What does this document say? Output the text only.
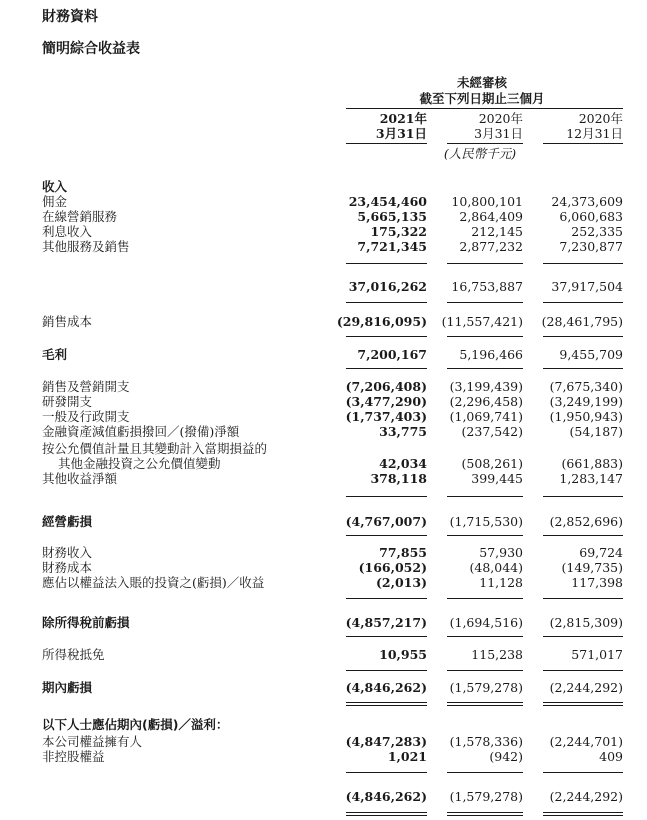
財務資料
簡明綜合收益表
未經審核
截至下列日期止三個月
2021年
3月31日
2020年
3月31日
2020年
12月31日
(人民幣千元)
收入
佣金	23,454,460	10,800,101	24,373,609
在線營銷服務	5,665,135	2,864,409	6,060,683
利息收入	175,322	212,145	252,335
其他服務及銷售	7,721,345	2,877,232	7,230,877
37,016,262	16,753,887	37,917,504
銷售成本	(29,816,095)	(11,557,421)	(28,461,795)
毛利	7,200,167	5,196,466	9,455,709
銷售及營銷開支	(7,206,408)	(3,199,439)	(7,675,340)
研發開支	(3,477,290)	(2,296,458)	(3,249,199)
一般及行政開支	(1,737,403)	(1,069,741)	(1,950,943)
金融資產減值虧損撥回／(撥備)淨額	33,775	(237,542)	(54,187)
按公允價值計量且其變動計入當期損益的
其他金融投資之公允價值變動	42,034	(508,261)	(661,883)
其他收益淨額	378,118	399,445	1,283,147
經營虧損	(4,767,007)	(1,715,530)	(2,852,696)
財務收入	77,855	57,930	69,724
財務成本	(166,052)	(48,044)	(149,735)
應佔以權益法入賬的投資之(虧損)／收益	(2,013)	11,128	117,398
除所得稅前虧損	(4,857,217)	(1,694,516)	(2,815,309)
所得稅抵免	10,955	115,238	571,017
期內虧損	(4,846,262)	(1,579,278)	(2,244,292)
以下人士應佔期內(虧損)／溢利：
本公司權益擁有人	(4,847,283)	(1,578,336)	(2,244,701)
非控股權益	1,021	(942)	409
(4,846,262)	(1,579,278)	(2,244,292)
